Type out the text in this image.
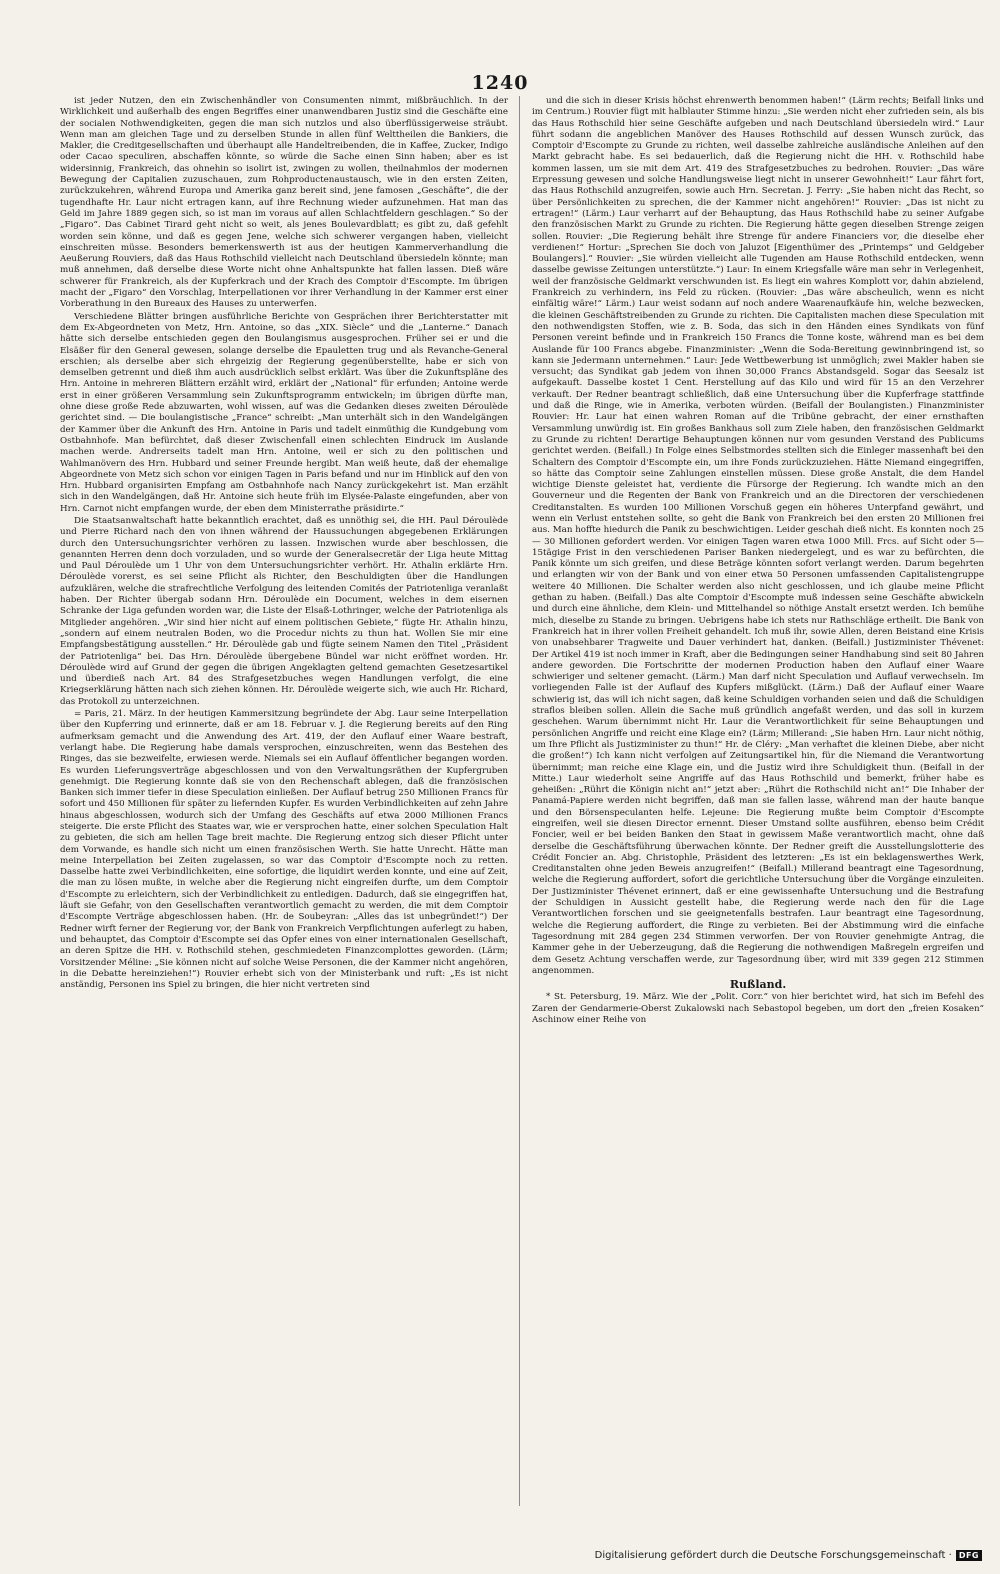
1240

ist jeder Nutzen, den ein Zwischenhändler von Consumenten nimmt, mißbräuchlich. In der Wirklichkeit und außerhalb des engen Begriffes einer unanwendbaren Justiz sind die Geschäfte eine der socialen Nothwendigkeiten, gegen die man sich nutzlos und also überflüssigerweise sträubt. Wenn man am gleichen Tage und zu derselben Stunde in allen fünf Welttheilen die Bankiers, die Makler, die Creditgesellschaften und überhaupt alle Handeltreibenden, die in Kaffee, Zucker, Indigo oder Cacao speculiren, abschaffen könnte, so würde die Sache einen Sinn haben; aber es ist widersinnig, Frankreich, das ohnehin so isolirt ist, zwingen zu wollen, theilnahmlos der modernen Bewegung der Capitalien zuzuschauen, zum Rohproductenaustausch, wie in den ersten Zeiten, zurückzukehren, während Europa und Amerika ganz bereit sind, jene famosen „Geschäfte“, die der tugendhafte Hr. Laur nicht ertragen kann, auf ihre Rechnung wieder aufzunehmen. Hat man das Geld im Jahre 1889 gegen sich, so ist man im voraus auf allen Schlachtfeldern geschlagen.“ So der „Figaro“. Das Cabinet Tirard geht nicht so weit, als jenes Boulevardblatt; es gibt zu, daß gefehlt worden sein könne, und daß es gegen Jene, welche sich schwerer vergangen haben, vielleicht einschreiten müsse. Besonders bemerkenswerth ist aus der heutigen Kammerverhandlung die Aeußerung Rouviers, daß das Haus Rothschild vielleicht nach Deutschland übersiedeln könnte; man muß annehmen, daß derselbe diese Worte nicht ohne Anhaltspunkte hat fallen lassen. Dieß wäre schwerer für Frankreich, als der Kupferkrach und der Krach des Comptoir d'Escompte. Im übrigen macht der „Figaro“ den Vorschlag, Interpellationen vor ihrer Verhandlung in der Kammer erst einer Vorberathung in den Bureaux des Hauses zu unterwerfen.

Verschiedene Blätter bringen ausführliche Berichte von Gesprächen ihrer Berichterstatter mit dem Ex-Abgeordneten von Metz, Hrn. Antoine, so das „XIX. Siècle“ und die „Lanterne.“ Danach hätte sich derselbe entschieden gegen den Boulangismus ausgesprochen. Früher sei er und die Elsäßer für den General gewesen, solange derselbe die Epauletten trug und als Revanche-General erschien; als derselbe aber sich ehrgeizig der Regierung gegenüberstellte, habe er sich von demselben getrennt und dieß ihm auch ausdrücklich selbst erklärt. Was über die Zukunftspläne des Hrn. Antoine in mehreren Blättern erzählt wird, erklärt der „National“ für erfunden; Antoine werde erst in einer größeren Versammlung sein Zukunftsprogramm entwickeln; im übrigen dürfte man, ohne diese große Rede abzuwarten, wohl wissen, auf was die Gedanken dieses zweiten Déroulède gerichtet sind. — Die boulangistische „France“ schreibt: „Man unterhält sich in den Wandelgängen der Kammer über die Ankunft des Hrn. Antoine in Paris und tadelt einmüthig die Kundgebung vom Ostbahnhofe. Man befürchtet, daß dieser Zwischenfall einen schlechten Eindruck im Auslande machen werde. Andrerseits tadelt man Hrn. Antoine, weil er sich zu den politischen und Wahlmanövern des Hrn. Hubbard und seiner Freunde hergibt. Man weiß heute, daß der ehemalige Abgeordnete von Metz sich schon vor einigen Tagen in Paris befand und nur im Hinblick auf den von Hrn. Hubbard organisirten Empfang am Ostbahnhofe nach Nancy zurückgekehrt ist. Man erzählt sich in den Wandelgängen, daß Hr. Antoine sich heute früh im Elysée-Palaste eingefunden, aber von Hrn. Carnot nicht empfangen wurde, der eben dem Ministerrathe präsidirte.“

Die Staatsanwaltschaft hatte bekanntlich erachtet, daß es unnöthig sei, die HH. Paul Déroulède und Pierre Richard nach den von ihnen während der Haussuchungen abgegebenen Erklärungen durch den Untersuchungsrichter verhören zu lassen. Inzwischen wurde aber beschlossen, die genannten Herren denn doch vorzuladen, und so wurde der Generalsecretär der Liga heute Mittag und Paul Déroulède um 1 Uhr von dem Untersuchungsrichter verhört. Hr. Athalin erklärte Hrn. Déroulède vorerst, es sei seine Pflicht als Richter, den Beschuldigten über die Handlungen aufzuklären, welche die strafrechtliche Verfolgung des leitenden Comités der Patriotenliga veranlaßt haben. Der Richter übergab sodann Hrn. Déroulède ein Document, welches in dem eisernen Schranke der Liga gefunden worden war, die Liste der Elsaß-Lothringer, welche der Patriotenliga als Mitglieder angehören. „Wir sind hier nicht auf einem politischen Gebiete,“ fügte Hr. Athalin hinzu, „sondern auf einem neutralen Boden, wo die Procedur nichts zu thun hat. Wollen Sie mir eine Empfangsbestätigung ausstellen.“ Hr. Déroulède gab und fügte seinem Namen den Titel „Präsident der Patriotenliga“ bei. Das Hrn. Déroulède übergebene Bündel war nicht eröffnet worden. Hr. Déroulède wird auf Grund der gegen die übrigen Angeklagten geltend gemachten Gesetzesartikel und überdieß nach Art. 84 des Strafgesetzbuches wegen Handlungen verfolgt, die eine Kriegserklärung hätten nach sich ziehen können. Hr. Déroulède weigerte sich, wie auch Hr. Richard, das Protokoll zu unterzeichnen.

= Paris, 21. März. In der heutigen Kammersitzung begründete der Abg. Laur seine Interpellation über den Kupferring und erinnerte, daß er am 18. Februar v. J. die Regierung bereits auf den Ring aufmerksam gemacht und die Anwendung des Art. 419, der den Auflauf einer Waare bestraft, verlangt habe. Die Regierung habe damals versprochen, einzuschreiten, wenn das Bestehen des Ringes, das sie bezweifelte, erwiesen werde. Niemals sei ein Auflauf öffentlicher begangen worden. Es wurden Lieferungsverträge abgeschlossen und von den Verwaltungsräthen der Kupfergruben genehmigt. Die Regierung konnte daß sie von den Rechenschaft ablegen, daß die französischen Banken sich immer tiefer in diese Speculation einließen. Der Auflauf betrug 250 Millionen Francs für sofort und 450 Millionen für später zu liefernden Kupfer. Es wurden Verbindlichkeiten auf zehn Jahre hinaus abgeschlossen, wodurch sich der Umfang des Geschäfts auf etwa 2000 Millionen Francs steigerte. Die erste Pflicht des Staates war, wie er versprochen hatte, einer solchen Speculation Halt zu gebieten, die sich am hellen Tage breit machte. Die Regierung entzog sich dieser Pflicht unter dem Vorwande, es handle sich nicht um einen französischen Werth. Sie hatte Unrecht. Hätte man meine Interpellation bei Zeiten zugelassen, so war das Comptoir d'Escompte noch zu retten. Dasselbe hatte zwei Verbindlichkeiten, eine sofortige, die liquidirt werden konnte, und eine auf Zeit, die man zu lösen mußte, in welche aber die Regierung nicht eingreifen durfte, um dem Comptoir d'Escompte zu erleichtern, sich der Verbindlichkeit zu entledigen. Dadurch, daß sie eingegriffen hat, läuft sie Gefahr, von den Gesellschaften verantwortlich gemacht zu werden, die mit dem Comptoir d'Escompte Verträge abgeschlossen haben. (Hr. de Soubeyran: „Alles das ist unbegründet!“) Der Redner wirft ferner der Regierung vor, der Bank von Frankreich Verpflichtungen auferlegt zu haben, und behauptet, das Comptoir d'Escompte sei das Opfer eines von einer internationalen Gesellschaft, an deren Spitze die HH. v. Rothschild stehen, geschmiedeten Finanzcomplottes geworden. (Lärm; Vorsitzender Méline: „Sie können nicht auf solche Weise Personen, die der Kammer nicht angehören, in die Debatte hereinziehen!“) Rouvier erhebt sich von der Ministerbank und ruft: „Es ist nicht anständig, Personen ins Spiel zu bringen, die hier nicht vertreten sind

und die sich in dieser Krisis höchst ehrenwerth benommen haben!“ (Lärm rechts; Beifall links und im Centrum.) Rouvier fügt mit halblauter Stimme hinzu: „Sie werden nicht eher zufrieden sein, als bis das Haus Rothschild hier seine Geschäfte aufgeben und nach Deutschland übersiedeln wird.“ Laur führt sodann die angeblichen Manöver des Hauses Rothschild auf dessen Wunsch zurück, das Comptoir d'Escompte zu Grunde zu richten, weil dasselbe zahlreiche ausländische Anleihen auf den Markt gebracht habe. Es sei bedauerlich, daß die Regierung nicht die HH. v. Rothschild habe kommen lassen, um sie mit dem Art. 419 des Strafgesetzbuches zu bedrohen. Rouvier: „Das wäre Erpressung gewesen und solche Handlungsweise liegt nicht in unserer Gewohnheit!“ Laur fährt fort, das Haus Rothschild anzugreifen, sowie auch Hrn. Secretan. J. Ferry: „Sie haben nicht das Recht, so über Persönlichkeiten zu sprechen, die der Kammer nicht angehören!“ Rouvier: „Das ist nicht zu ertragen!“ (Lärm.) Laur verharrt auf der Behauptung, das Haus Rothschild habe zu seiner Aufgabe den französischen Markt zu Grunde zu richten. Die Regierung hätte gegen dieselben Strenge zeigen sollen. Rouvier: „Die Regierung behält ihre Strenge für andere Financiers vor, die dieselbe eher verdienen!“ Hortur: „Sprechen Sie doch von Jaluzot [Eigenthümer des „Printemps“ und Geldgeber Boulangers].“ Rouvier: „Sie würden vielleicht alle Tugenden am Hause Rothschild entdecken, wenn dasselbe gewisse Zeitungen unterstützte.“) Laur: In einem Kriegsfalle wäre man sehr in Verlegenheit, weil der französische Geldmarkt verschwunden ist. Es liegt ein wahres Komplott vor, dahin abzielend, Frankreich zu verhindern, ins Feld zu rücken. (Rouvier: „Das wäre abscheulich, wenn es nicht einfältig wäre!“ Lärm.) Laur weist sodann auf noch andere Waarenaufkäufe hin, welche bezwecken, die kleinen Geschäftstreibenden zu Grunde zu richten. Die Capitalisten machen diese Speculation mit den nothwendigsten Stoffen, wie z. B. Soda, das sich in den Händen eines Syndikats von fünf Personen vereint befinde und in Frankreich 150 Francs die Tonne koste, während man es bei dem Auslande für 100 Francs abgebe. Finanzminister: „Wenn die Soda-Bereitung gewinnbringend ist, so kann sie Jedermann unternehmen.“ Laur: Jede Wettbewerbung ist unmöglich; zwei Makler haben sie versucht; das Syndikat gab jedem von ihnen 30,000 Francs Abstandsgeld. Sogar das Seesalz ist aufgekauft. Dasselbe kostet 1 Cent. Herstellung auf das Kilo und wird für 15 an den Verzehrer verkauft. Der Redner beantragt schließlich, daß eine Untersuchung über die Kupferfrage stattfinde und daß die Ringe, wie in Amerika, verboten würden. (Beifall der Boulangisten.) Finanzminister Rouvier: Hr. Laur hat einen wahren Roman auf die Tribüne gebracht, der einer ernsthaften Versammlung unwürdig ist. Ein großes Bankhaus soll zum Ziele haben, den französischen Geldmarkt zu Grunde zu richten! Derartige Behauptungen können nur vom gesunden Verstand des Publicums gerichtet werden. (Beifall.) In Folge eines Selbstmordes stellten sich die Einleger massenhaft bei den Schaltern des Comptoir d'Escompte ein, um ihre Fonds zurückzuziehen. Hätte Niemand eingegriffen, so hätte das Comptoir seine Zahlungen einstellen müssen. Diese große Anstalt, die dem Handel wichtige Dienste geleistet hat, verdiente die Fürsorge der Regierung. Ich wandte mich an den Gouverneur und die Regenten der Bank von Frankreich und an die Directoren der verschiedenen Creditanstalten. Es wurden 100 Millionen Vorschuß gegen ein höheres Unterpfand gewährt, und wenn ein Verlust entstehen sollte, so geht die Bank von Frankreich bei den ersten 20 Millionen frei aus. Man hoffte hiedurch die Panik zu beschwichtigen. Leider geschah dieß nicht. Es konnten noch 25 — 30 Millionen gefordert werden. Vor einigen Tagen waren etwa 1000 Mill. Frcs. auf Sicht oder 5—15tägige Frist in den verschiedenen Pariser Banken niedergelegt, und es war zu befürchten, die Panik könnte um sich greifen, und diese Beträge könnten sofort verlangt werden. Darum begehrten und erlangten wir von der Bank und von einer etwa 50 Personen umfassenden Capitalistengruppe weitere 40 Millionen. Die Schalter werden also nicht geschlossen, und ich glaube meine Pflicht gethan zu haben. (Beifall.) Das alte Comptoir d'Escompte muß indessen seine Geschäfte abwickeln und durch eine ähnliche, dem Klein- und Mittelhandel so nöthige Anstalt ersetzt werden. Ich bemühe mich, dieselbe zu Stande zu bringen. Uebrigens habe ich stets nur Rathschläge ertheilt. Die Bank von Frankreich hat in ihrer vollen Freiheit gehandelt. Ich muß ihr, sowie Allen, deren Beistand eine Krisis von unabsehbarer Tragweite und Dauer verhindert hat, danken. (Beifall.) Justizminister Thévenet: Der Artikel 419 ist noch immer in Kraft, aber die Bedingungen seiner Handhabung sind seit 80 Jahren andere geworden. Die Fortschritte der modernen Production haben den Auflauf einer Waare schwieriger und seltener gemacht. (Lärm.) Man darf nicht Speculation und Auflauf verwechseln. Im vorliegenden Falle ist der Auflauf des Kupfers mißglückt. (Lärm.) Daß der Auflauf einer Waare schwierig ist, das will ich nicht sagen, daß keine Schuldigen vorhanden seien und daß die Schuldigen straflos bleiben sollen. Allein die Sache muß gründlich angefaßt werden, und das soll in kurzem geschehen. Warum übernimmt nicht Hr. Laur die Verantwortlichkeit für seine Behauptungen und persönlichen Angriffe und reicht eine Klage ein? (Lärm; Millerand: „Sie haben Hrn. Laur nicht nöthig, um Ihre Pflicht als Justizminister zu thun!“ Hr. de Cléry: „Man verhaftet die kleinen Diebe, aber nicht die großen!“) Ich kann nicht verfolgen auf Zeitungsartikel hin, für die Niemand die Verantwortung übernimmt; man reiche eine Klage ein, und die Justiz wird ihre Schuldigkeit thun. (Beifall in der Mitte.) Laur wiederholt seine Angriffe auf das Haus Rothschild und bemerkt, früher habe es geheißen: „Rührt die Königin nicht an!“ jetzt aber: „Rührt die Rothschild nicht an!“ Die Inhaber der Panamá-Papiere werden nicht begriffen, daß man sie fallen lasse, während man der haute banque und den Börsenspeculanten helfe. Lejeune: Die Regierung mußte beim Comptoir d'Escompte eingreifen, weil sie diesen Director ernennt. Dieser Umstand sollte ausführen, ebenso beim Crédit Foncier, weil er bei beiden Banken den Staat in gewissem Maße verantwortlich macht, ohne daß derselbe die Geschäftsführung überwachen könnte. Der Redner greift die Ausstellungslotterie des Crédit Foncier an. Abg. Christophle, Präsident des letzteren: „Es ist ein beklagenswerthes Werk, Creditanstalten ohne jeden Beweis anzugreifen!“ (Beifall.) Millerand beantragt eine Tagesordnung, welche die Regierung auffordert, sofort die gerichtliche Untersuchung über die Vorgänge einzuleiten. Der Justizminister Thévenet erinnert, daß er eine gewissenhafte Untersuchung und die Bestrafung der Schuldigen in Aussicht gestellt habe, die Regierung werde nach den für die Lage Verantwortlichen forschen und sie geeignetenfalls bestrafen. Laur beantragt eine Tagesordnung, welche die Regierung auffordert, die Ringe zu verbieten. Bei der Abstimmung wird die einfache Tagesordnung mit 284 gegen 234 Stimmen verworfen. Der von Rouvier genehmigte Antrag, die Kammer gehe in der Ueberzeugung, daß die Regierung die nothwendigen Maßregeln ergreifen und dem Gesetz Achtung verschaffen werde, zur Tagesordnung über, wird mit 339 gegen 212 Stimmen angenommen.

Rußland.

* St. Petersburg, 19. März. Wie der „Polit. Corr.“ von hier berichtet wird, hat sich im Befehl des Zaren der Gendarmerie-Oberst Zukalowski nach Sebastopol begeben, um dort den „freien Kosaken“ Aschinow einer Reihe von

Digitalisierung gefördert durch die Deutsche Forschungsgemeinschaft · DFG
